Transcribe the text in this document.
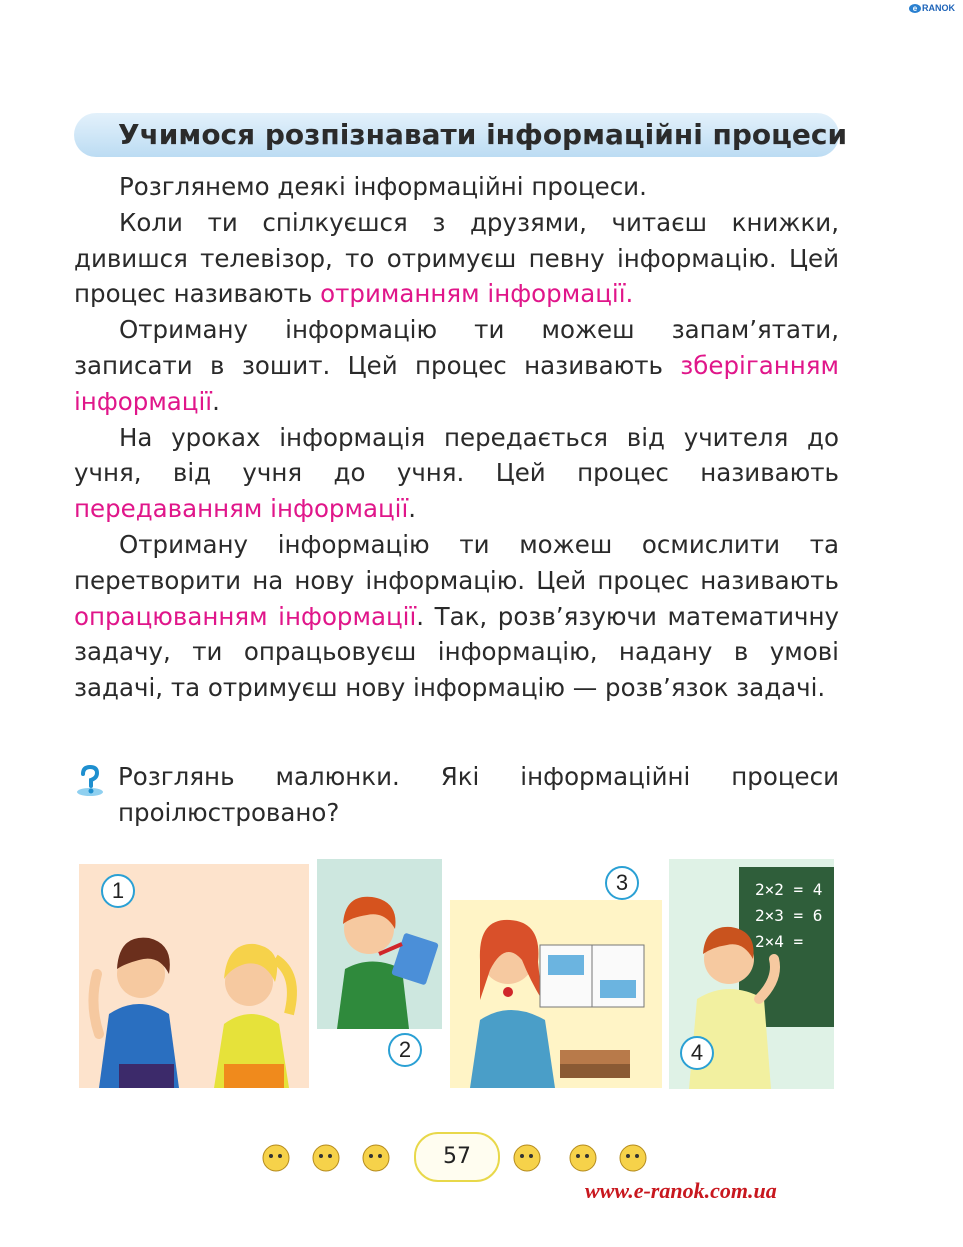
e RANOK
Учимося розпізнавати інформаційні процеси

Розглянемо деякі інформаційні процеси.

Коли ти спілкуєшся з друзями, читаєш книжки, дивишся телевізор, то отримуєш певну інформацію. Цей процес називають отриманням інформації.

Отриману інформацію ти можеш запам’ятати, записати в зошит. Цей процес називають зберіганням інформації.

На уроках інформація передається від учителя до учня, від учня до учня. Цей процес називають передаванням інформації.

Отриману інформацію ти можеш осмислити та перетворити на нову інформацію. Цей процес називають опрацюванням інформації. Так, розв’язуючи математичну задачу, ти опрацьовуєш інформацію, надану в умові задачі, та отримуєш нову інформацію — розв’язок задачі.

Розглянь малюнки. Які інформаційні процеси проілюстровано?
1
2
3	2×2 = 4
2×3 = 6
2×4 =
4
57
www.e-ranok.com.ua
